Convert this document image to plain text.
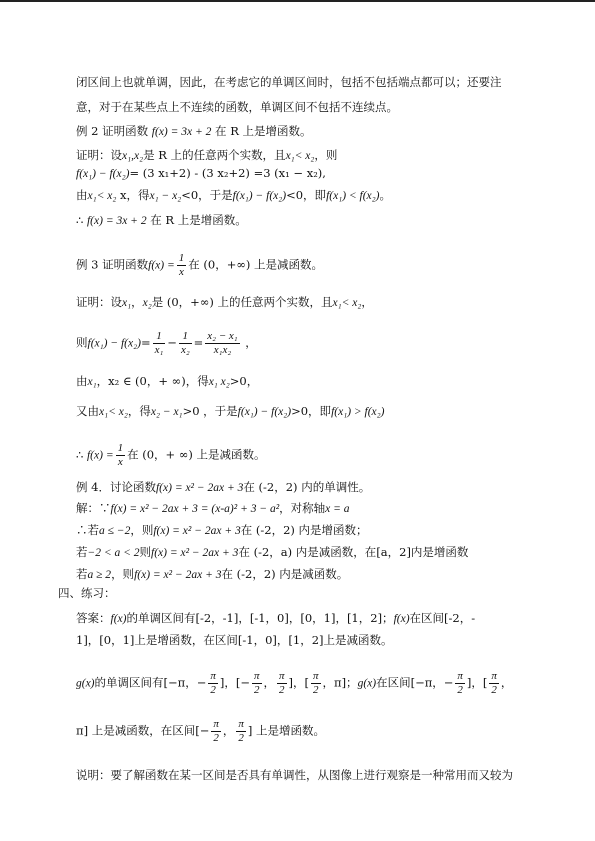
闭区间上也就单调，因此，在考虑它的单调区间时，包括不包括端点都可以；还要注
意，对于在某些点上不连续的函数，单调区间不包括不连续点。
例 2 证明函数 f(x) = 3x + 2 在 R 上是增函数。
证明：设x₁,x₂是 R 上的任意两个实数，且x₁< x₂，则
f(x₁) − f(x₂)= (3 x₁+2) - (3 x₂+2) =3 (x₁ − x₂),
由x₁< x₂ x，得x₁ − x₂<0，于是f(x₁) − f(x₂)<0，即f(x₁) < f(x₂)。
∴ f(x) = 3x + 2 在 R 上是增函数。
例 3 证明函数$f(x) = \frac{1}{x}$ 在 (0，+∞) 上是减函数。
证明：设x₁，x₂是 (0，+∞) 上的任意两个实数，且x₁< x₂，
则$f(x_1) - f(x_2)= \frac{1}{\text{x₁}} - \frac{1}{\text{x₂}} = \frac{\text{x₂ − x₁}}{\text{x₁x₂}}$ ，
由x₁，x₂ ∈ (0，+ ∞)，得x₁ x₂>0，
又由x₁< x₂，得x₂ − x₁>0 ，于是f(x₁) − f(x₂)>0，即f(x₁) > f(x₂)
∴ $f(x) = \frac{1}{x}$ 在 (0，+ ∞) 上是减函数。
例 4．讨论函数f(x) = x² − 2ax + 3在 (-2，2) 内的单调性。
解：∵f(x) = x² − 2ax + 3 = (x-a)² + 3 − a²，对称轴x = a
∴若a ≤ −2，则f(x) = x² − 2ax + 3在 (-2，2) 内是增函数；
若−2 < a < 2则f(x) = x² − 2ax + 3在 (-2，a) 内是减函数，在[a，2]内是增函数
若a ≥ 2，则f(x) = x² − 2ax + 3在 (-2，2) 内是减函数。
四、练习：
答案：f(x)的单调区间有[-2，-1]，[-1，0]，[0，1]，[1，2]；f(x)在区间[-2，-
1]，[0，1]上是增函数，在区间[-1，0]，[1，2]上是减函数。
g(x)的单调区间有[−π，− $\frac{\pi}{2}$ ]，[− $\frac{\pi}{2}$ ， $\frac{\pi}{2}$ ]，[ $\frac{\pi}{2}$ ，π]；g(x)在区间[−π，− $\frac{\pi}{2}$ ]，[ $\frac{\pi}{2}$ ，
π] 上是减函数，在区间[− $\frac{\pi}{2}$ ， $\frac{\pi}{2}$ ] 上是增函数。
说明：要了解函数在某一区间是否具有单调性，从图像上进行观察是一种常用而又较为
